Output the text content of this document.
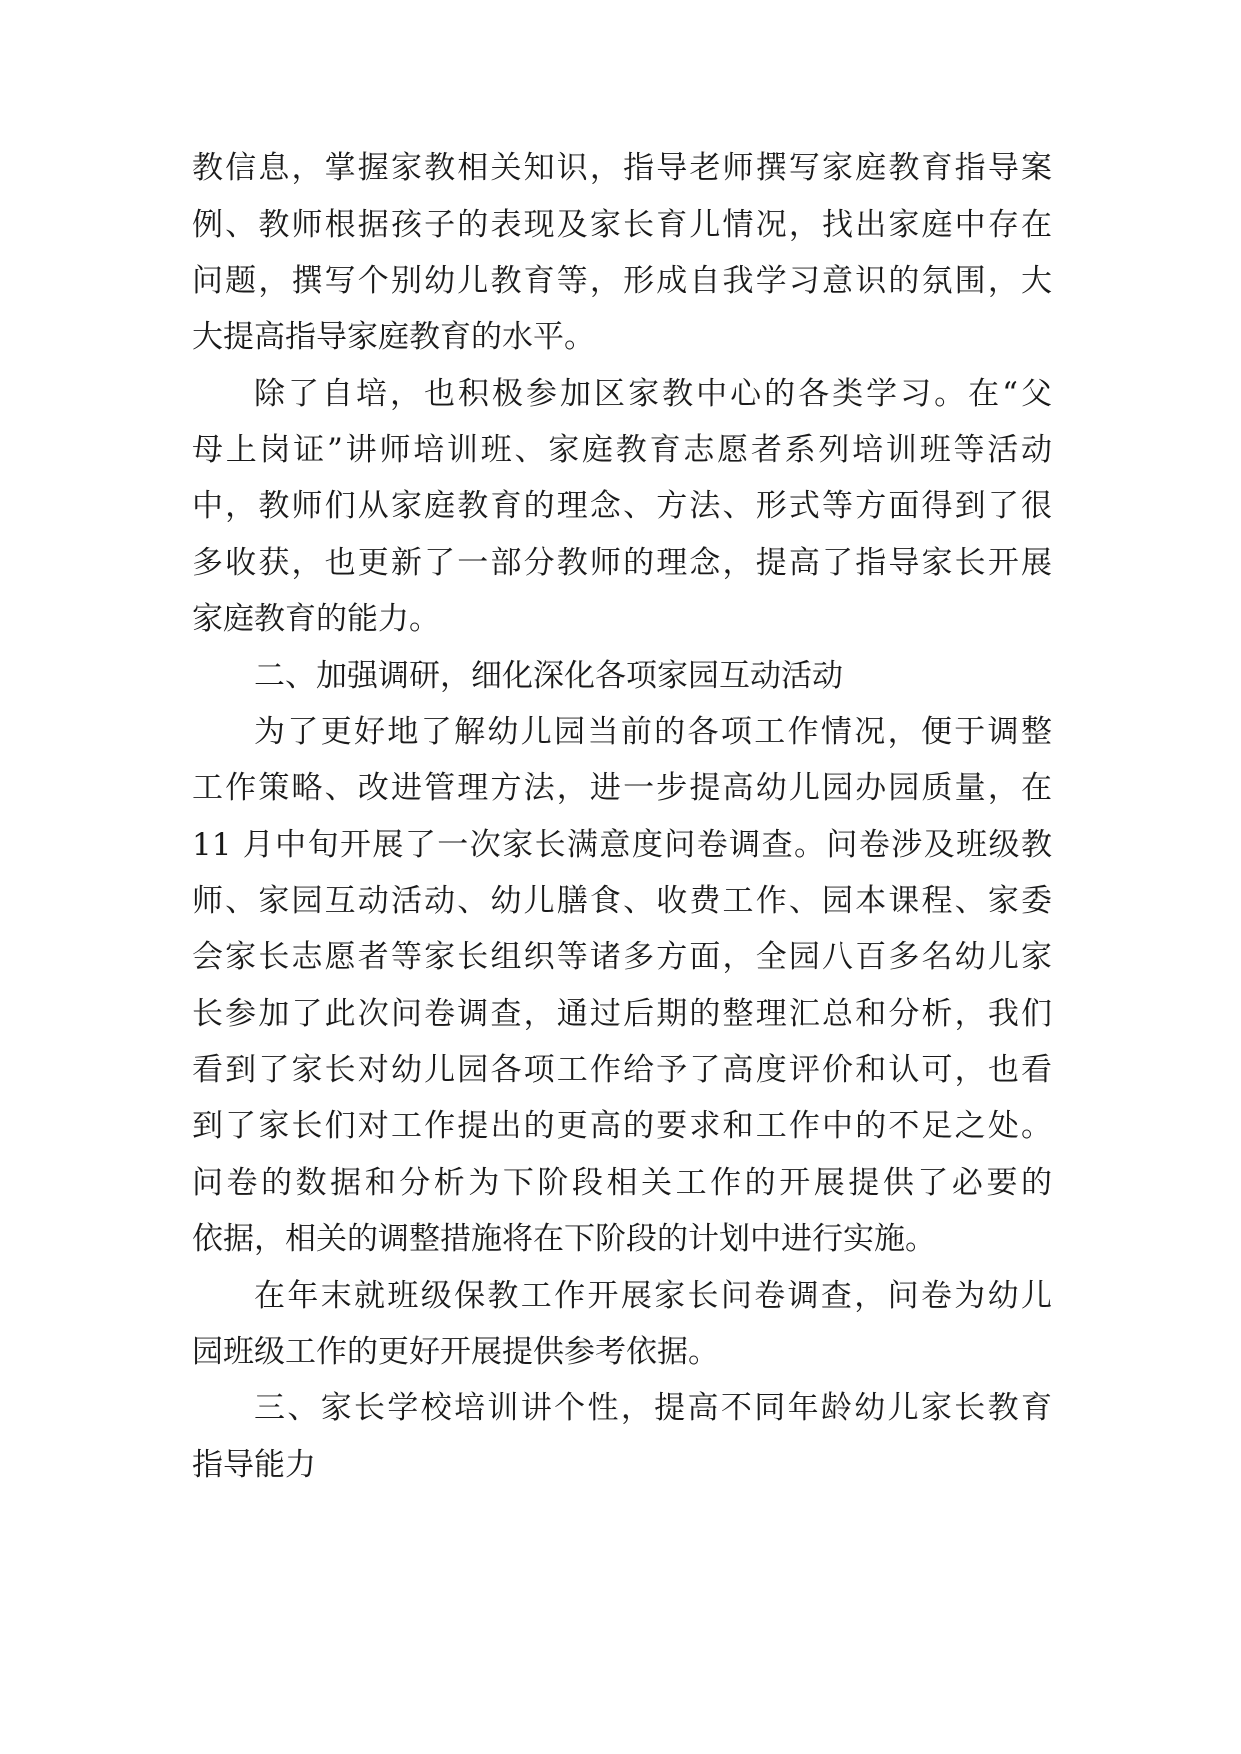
教信息，掌握家教相关知识，指导老师撰写家庭教育指导案
例、教师根据孩子的表现及家长育儿情况，找出家庭中存在
问题，撰写个别幼儿教育等，形成自我学习意识的氛围，大
大提高指导家庭教育的水平。
除了自培，也积极参加区家教中心的各类学习。在“父
母上岗证”讲师培训班、家庭教育志愿者系列培训班等活动
中，教师们从家庭教育的理念、方法、形式等方面得到了很
多收获，也更新了一部分教师的理念，提高了指导家长开展
家庭教育的能力。
二、加强调研，细化深化各项家园互动活动
为了更好地了解幼儿园当前的各项工作情况，便于调整
工作策略、改进管理方法，进一步提高幼儿园办园质量，在
11 月中旬开展了一次家长满意度问卷调查。问卷涉及班级教
师、家园互动活动、幼儿膳食、收费工作、园本课程、家委
会家长志愿者等家长组织等诸多方面，全园八百多名幼儿家
长参加了此次问卷调查，通过后期的整理汇总和分析，我们
看到了家长对幼儿园各项工作给予了高度评价和认可，也看
到了家长们对工作提出的更高的要求和工作中的不足之处。
问卷的数据和分析为下阶段相关工作的开展提供了必要的
依据，相关的调整措施将在下阶段的计划中进行实施。
在年末就班级保教工作开展家长问卷调查，问卷为幼儿
园班级工作的更好开展提供参考依据。
三、家长学校培训讲个性，提高不同年龄幼儿家长教育
指导能力
